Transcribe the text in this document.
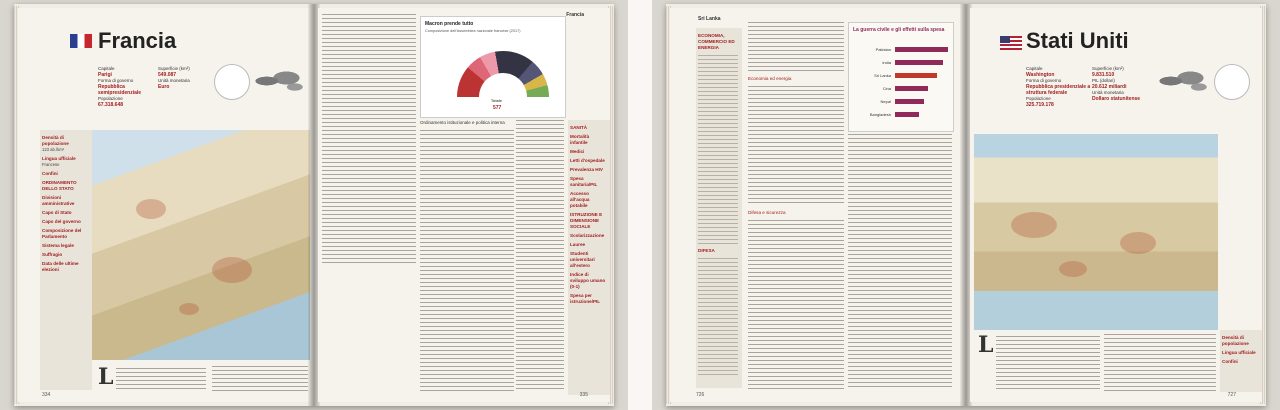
Francia
Capitale
Parigi
Forma di governo
Repubblica semipresidenziale
Popolazione
67.318.648
Superficie (km²)
549.087
Unità monetaria
Euro
Densità di popolazione
123 ab./km²
Lingua ufficiale
Francese
Confini
ORDINAMENTO DELLO STATO
Divisioni amministrative
Capo di Stato
Capo del governo
Composizione del Parlamento
Sistema legale
Suffragio
Data delle ultime elezioni
L
334
Francia
Macron prende tutto
Composizione dell'Assemblea nazionale francese (2017)
Totale
577
Ordinamento istituzionale e politica interna
SANITÀ
Mortalità infantile
Medici
Letti d'ospedale
Prevalenza HIV
Spesa sanitaria/PIL
Accesso all'acqua potabile
ISTRUZIONE E DIMENSIONE SOCIALE
Scolarizzazione
Lauree
Studenti universitari all'estero
Indice di sviluppo umano (0-1)
Spesa per istruzione/PIL
335
Sri Lanka
ECONOMIA, COMMERCIO ED ENERGIA
DIFESA
Economia ed energia
Difesa e sicurezza
La guerra civile e gli effetti sulla spesa
Pakistan
India
Sri Lanka
Cina
Nepal
Bangladesh
726
Stati Uniti
Capitale
Washington
Forma di governo
Repubblica presidenziale a struttura federale
Popolazione
325.719.178
Superficie (km²)
9.831.510
PIL (dollari)
20.612 miliardi
Unità monetaria
Dollaro statunitense
Densità di popolazione
Lingua ufficiale
Confini
L
727
